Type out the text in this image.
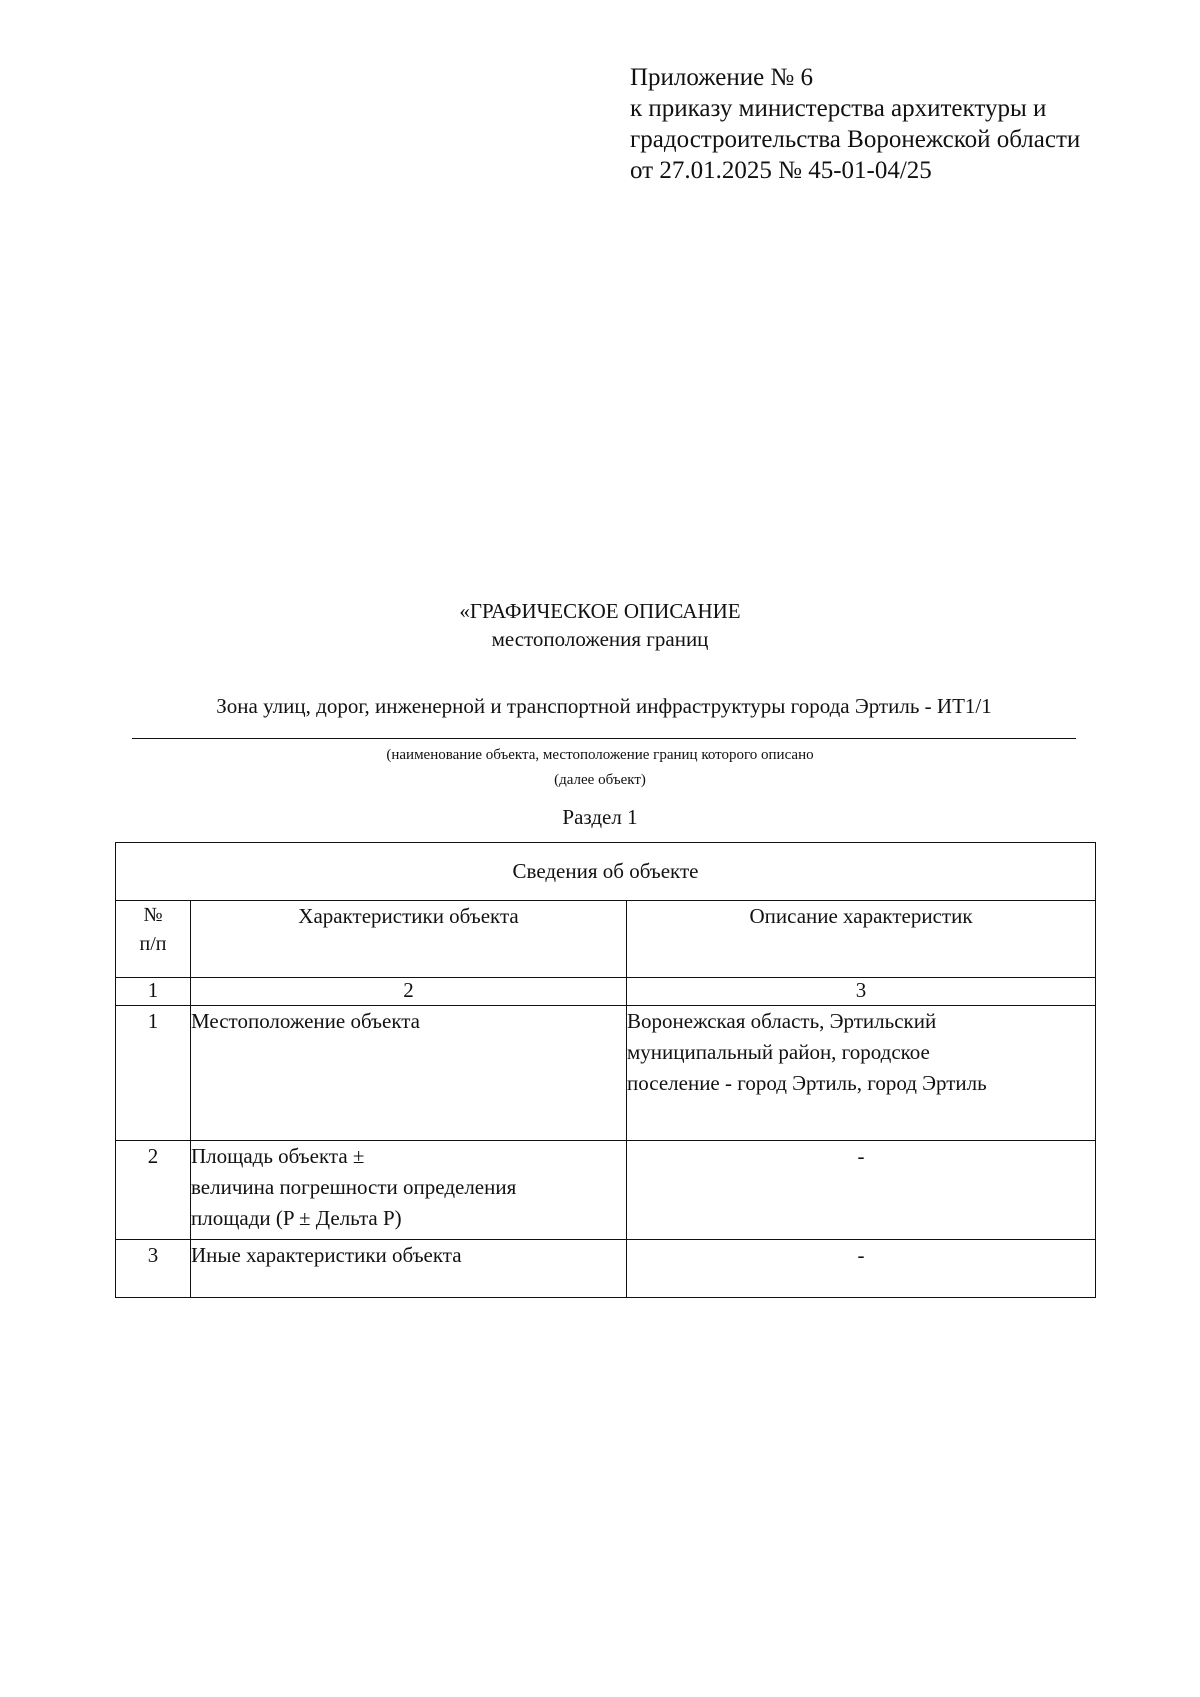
Приложение № 6
к приказу министерства архитектуры и
градостроительства Воронежской области
от 27.01.2025 № 45-01-04/25
«ГРАФИЧЕСКОЕ ОПИСАНИЕ
местоположения границ
Зона улиц, дорог, инженерной и транспортной инфраструктуры города Эртиль - ИТ1/1
(наименование объекта, местоположение границ которого описано
(далее объект)
Раздел 1
Сведения об объекте		

№
п/п	Характеристики объекта	Описание характеристик
1	2	3
1	Местоположение объекта	Воронежская область, Эртильский
муниципальный район, городское
поселение - город Эртиль, город Эртиль

2	Площадь объекта ±
величина погрешности определения
площади (P ± Дельта P)	-
3	Иные характеристики объекта	-
